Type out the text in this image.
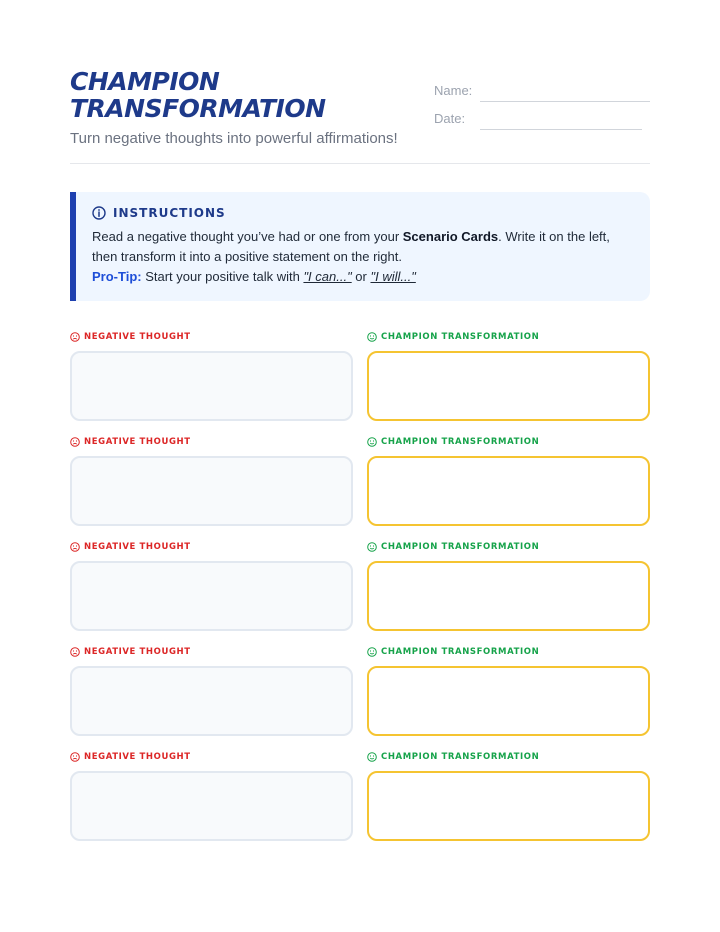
CHAMPION
TRANSFORMATION
Turn negative thoughts into powerful affirmations!
Name:
Date:
INSTRUCTIONS
Read a negative thought you’ve had or one from your Scenario Cards. Write it on the left, then transform it into a positive statement on the right.
Pro-Tip: Start your positive talk with "I can..." or "I will..."
NEGATIVE THOUGHT	CHAMPION TRANSFORMATION
NEGATIVE THOUGHT	CHAMPION TRANSFORMATION
NEGATIVE THOUGHT	CHAMPION TRANSFORMATION
NEGATIVE THOUGHT	CHAMPION TRANSFORMATION
NEGATIVE THOUGHT	CHAMPION TRANSFORMATION
